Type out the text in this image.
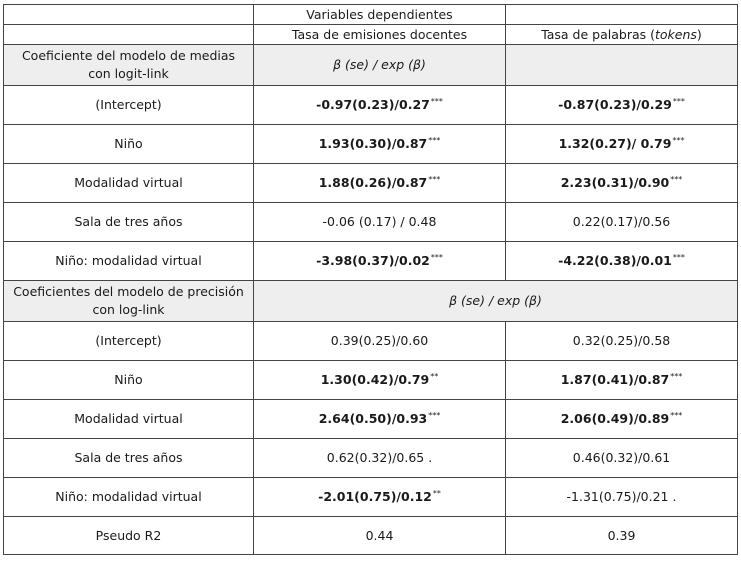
	Variables dependientes	
	Tasa de emisiones docentes	Tasa de palabras (tokens)
Coeficiente del modelo de medias
con logit-link	β (se) / exp (β)	
(Intercept)	-0.97(0.23)/0.27***	-0.87(0.23)/0.29***
Niño	1.93(0.30)/0.87***	1.32(0.27)/ 0.79***
Modalidad virtual	1.88(0.26)/0.87***	2.23(0.31)/0.90***
Sala de tres años	-0.06 (0.17) / 0.48	0.22(0.17)/0.56
Niño: modalidad virtual	-3.98(0.37)/0.02***	-4.22(0.38)/0.01***
Coeficientes del modelo de precisión
con log-link	β (se) / exp (β)	
(Intercept)	0.39(0.25)/0.60	0.32(0.25)/0.58
Niño	1.30(0.42)/0.79**	1.87(0.41)/0.87***
Modalidad virtual	2.64(0.50)/0.93***	2.06(0.49)/0.89***
Sala de tres años	0.62(0.32)/0.65 .	0.46(0.32)/0.61
Niño: modalidad virtual	-2.01(0.75)/0.12**	-1.31(0.75)/0.21 .
Pseudo R2	0.44	0.39
